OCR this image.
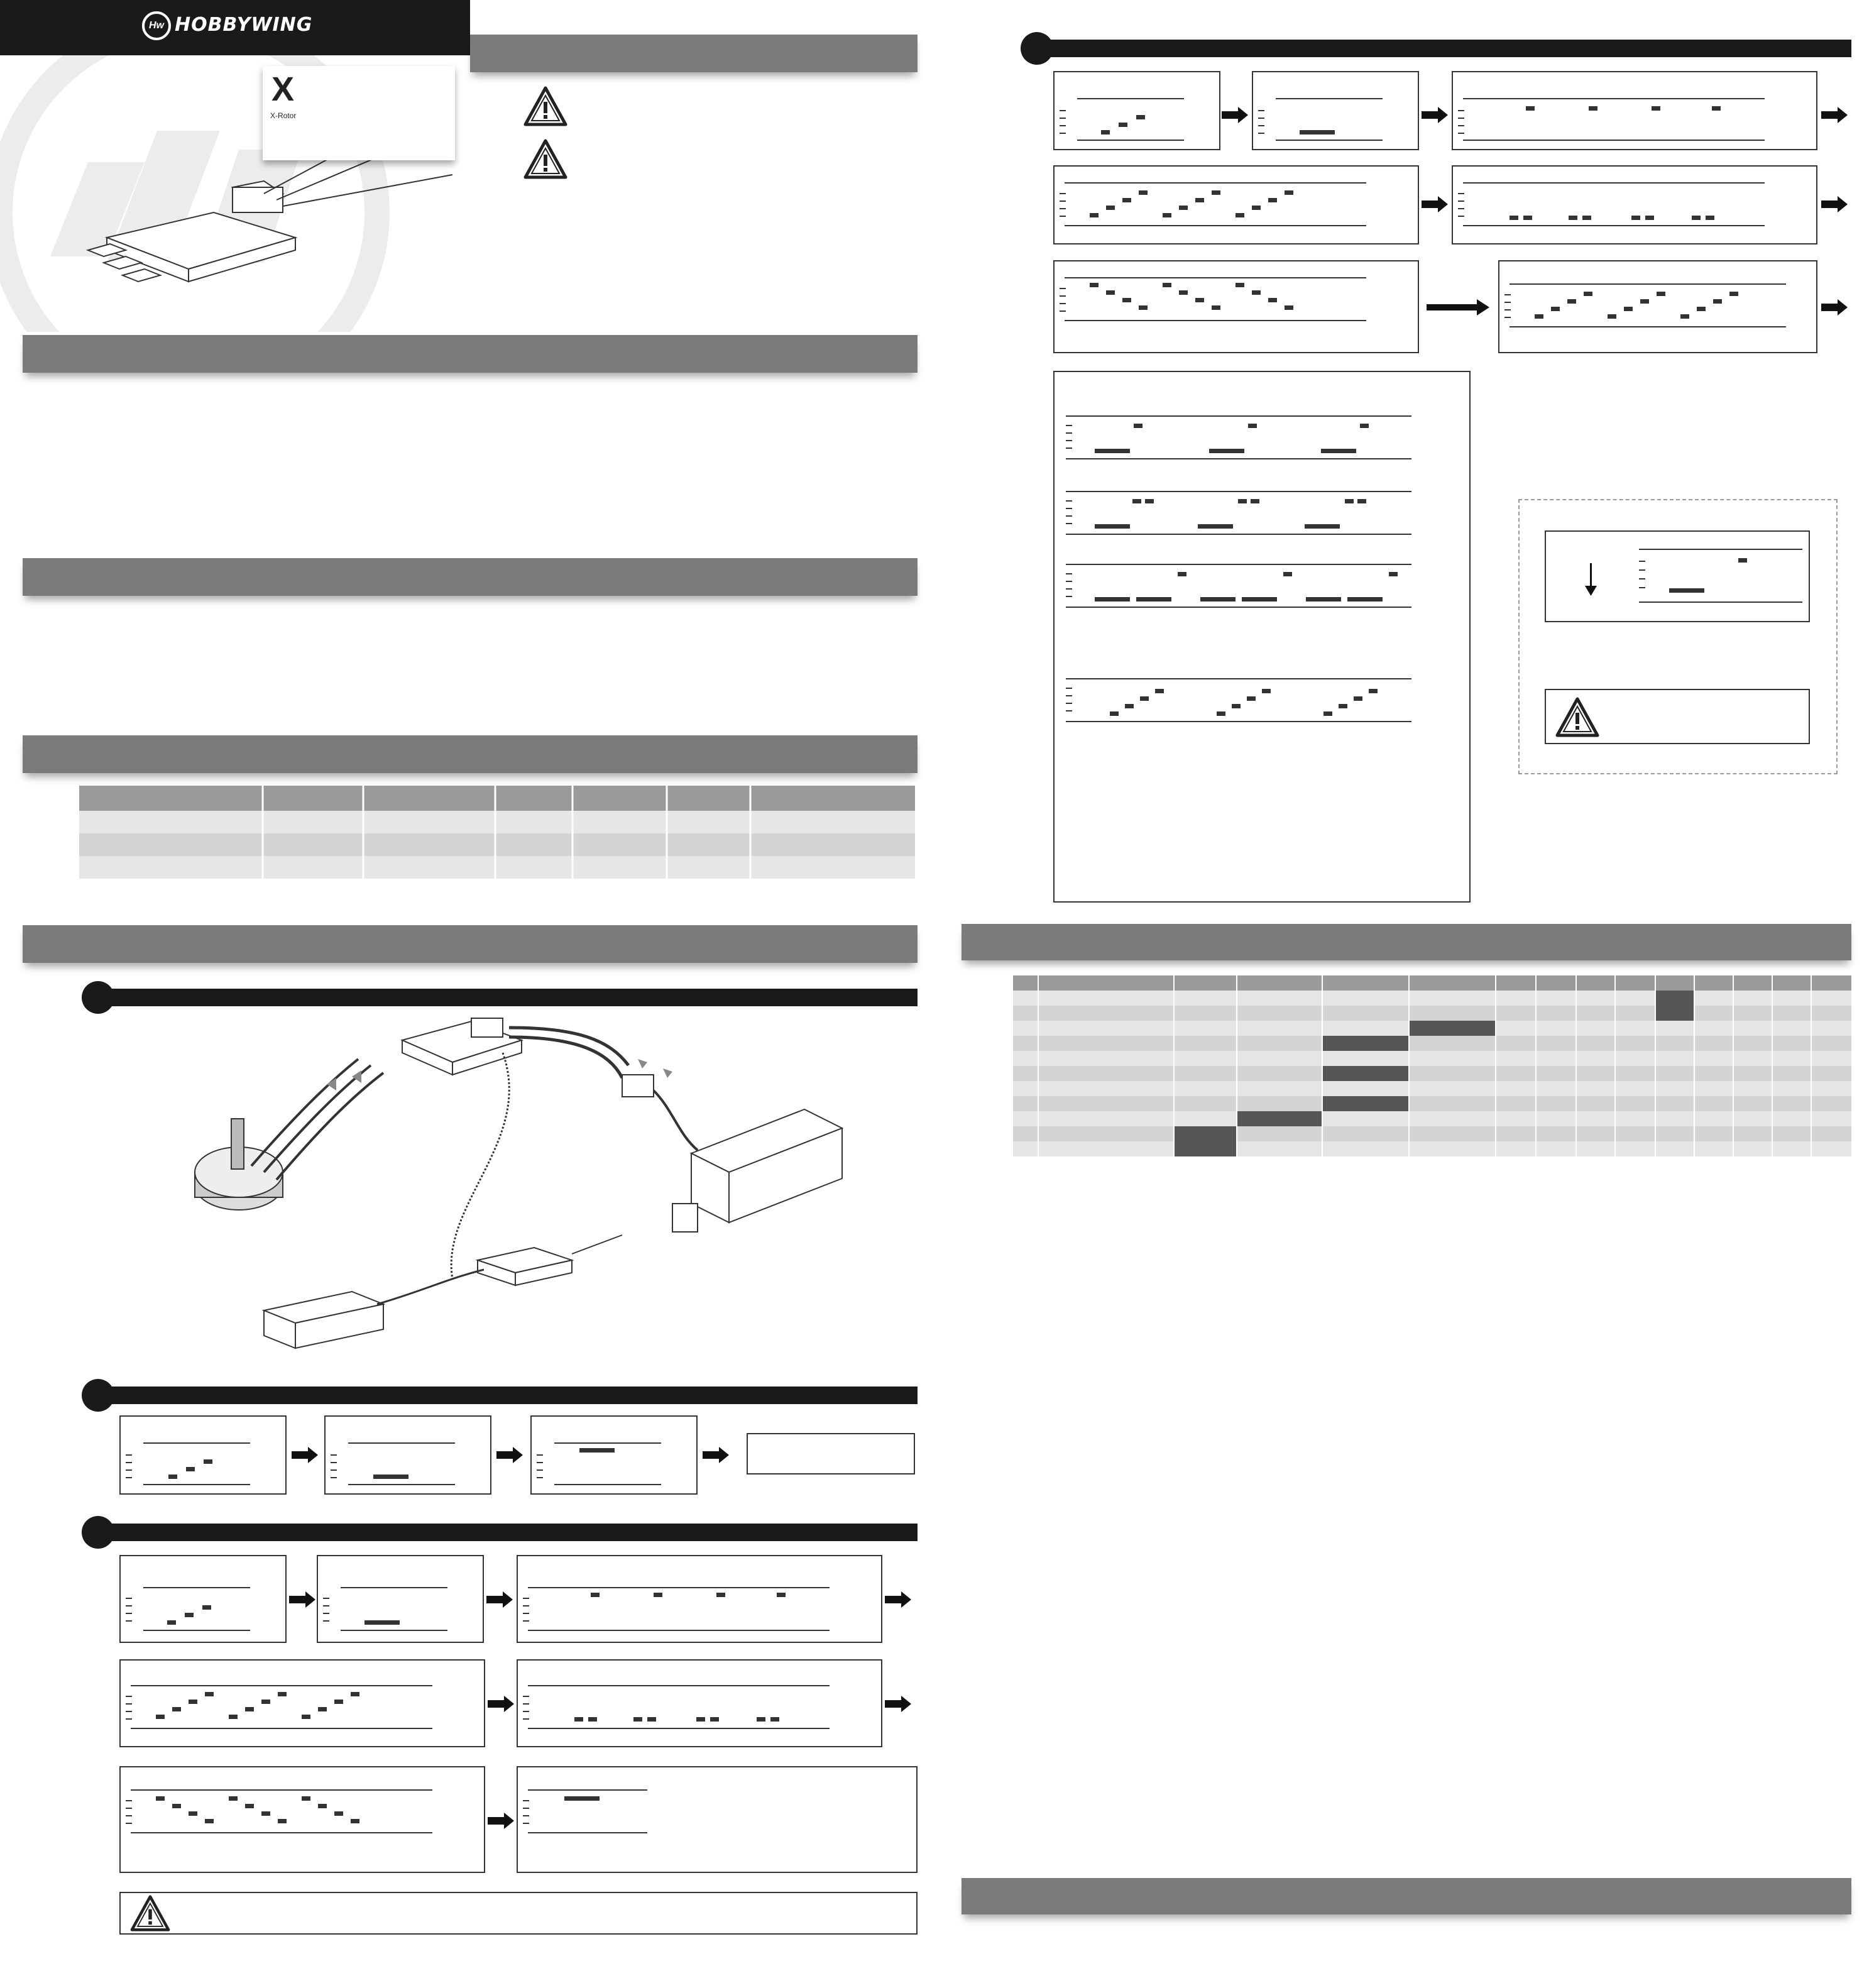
Hw HOBBYWING
X
X-Rotor
